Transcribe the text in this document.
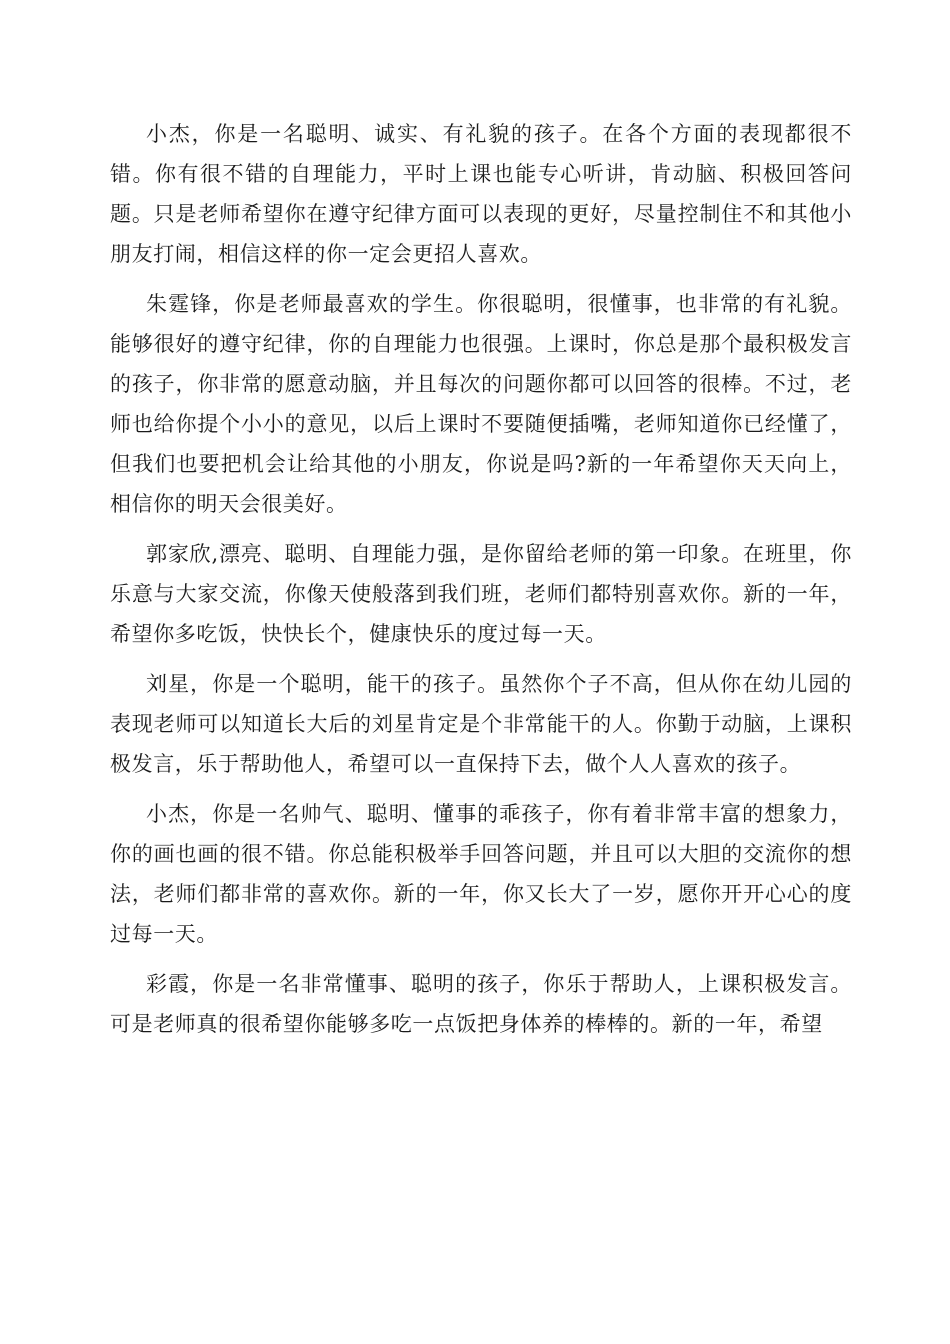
小杰，你是一名聪明、诚实、有礼貌的孩子。在各个方面的表现都很不错。你有很不错的自理能力，平时上课也能专心听讲，肯动脑、积极回答问题。只是老师希望你在遵守纪律方面可以表现的更好，尽量控制住不和其他小朋友打闹，相信这样的你一定会更招人喜欢。

朱霆锋，你是老师最喜欢的学生。你很聪明，很懂事，也非常的有礼貌。能够很好的遵守纪律，你的自理能力也很强。上课时，你总是那个最积极发言的孩子，你非常的愿意动脑，并且每次的问题你都可以回答的很棒。不过，老师也给你提个小小的意见，以后上课时不要随便插嘴，老师知道你已经懂了，但我们也要把机会让给其他的小朋友，你说是吗?新的一年希望你天天向上，相信你的明天会很美好。

郭家欣,漂亮、聪明、自理能力强，是你留给老师的第一印象。在班里，你乐意与大家交流，你像天使般落到我们班，老师们都特别喜欢你。新的一年，希望你多吃饭，快快长个，健康快乐的度过每一天。

刘星，你是一个聪明，能干的孩子。虽然你个子不高，但从你在幼儿园的表现老师可以知道长大后的刘星肯定是个非常能干的人。你勤于动脑，上课积极发言，乐于帮助他人，希望可以一直保持下去，做个人人喜欢的孩子。

小杰，你是一名帅气、聪明、懂事的乖孩子，你有着非常丰富的想象力，你的画也画的很不错。你总能积极举手回答问题，并且可以大胆的交流你的想法，老师们都非常的喜欢你。新的一年，你又长大了一岁，愿你开开心心的度过每一天。

彩霞，你是一名非常懂事、聪明的孩子，你乐于帮助人，上课积极发言。可是老师真的很希望你能够多吃一点饭把身体养的棒棒的。新的一年，希望
